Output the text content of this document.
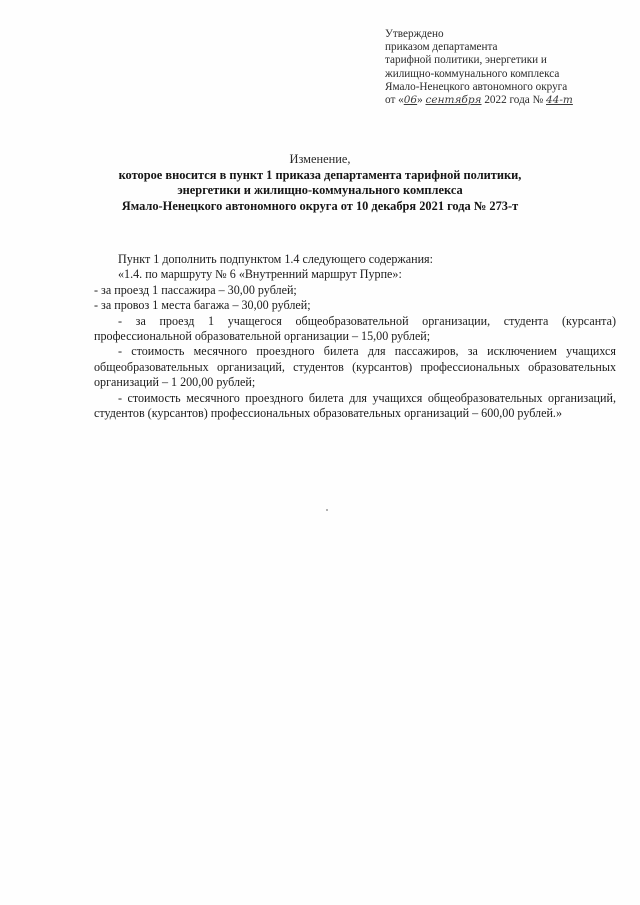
Утверждено
приказом департамента
тарифной политики, энергетики и
жилищно-коммунального комплекса
Ямало-Ненецкого автономного округа
от «06» сентября 2022 года № 44-т
Изменение,
которое вносится в пункт 1 приказа департамента тарифной политики,
энергетики и жилищно-коммунального комплекса
Ямало-Ненецкого автономного округа от 10 декабря 2021 года № 273-т

Пункт 1 дополнить подпунктом 1.4 следующего содержания:

«1.4. по маршруту № 6 «Внутренний маршрут Пурпе»:

- за проезд 1 пассажира – 30,00 рублей;

- за провоз 1 места багажа – 30,00 рублей;

- за проезд 1 учащегося общеобразовательной организации, студента (курсанта) профессиональной образовательной организации – 15,00 рублей;

- стоимость месячного проездного билета для пассажиров, за исключением учащихся общеобразовательных организаций, студентов (курсантов) профессиональных образовательных организаций – 1 200,00 рублей;

- стоимость месячного проездного билета для учащихся общеобразовательных организаций, студентов (курсантов) профессиональных образовательных организаций – 600,00 рублей.»
